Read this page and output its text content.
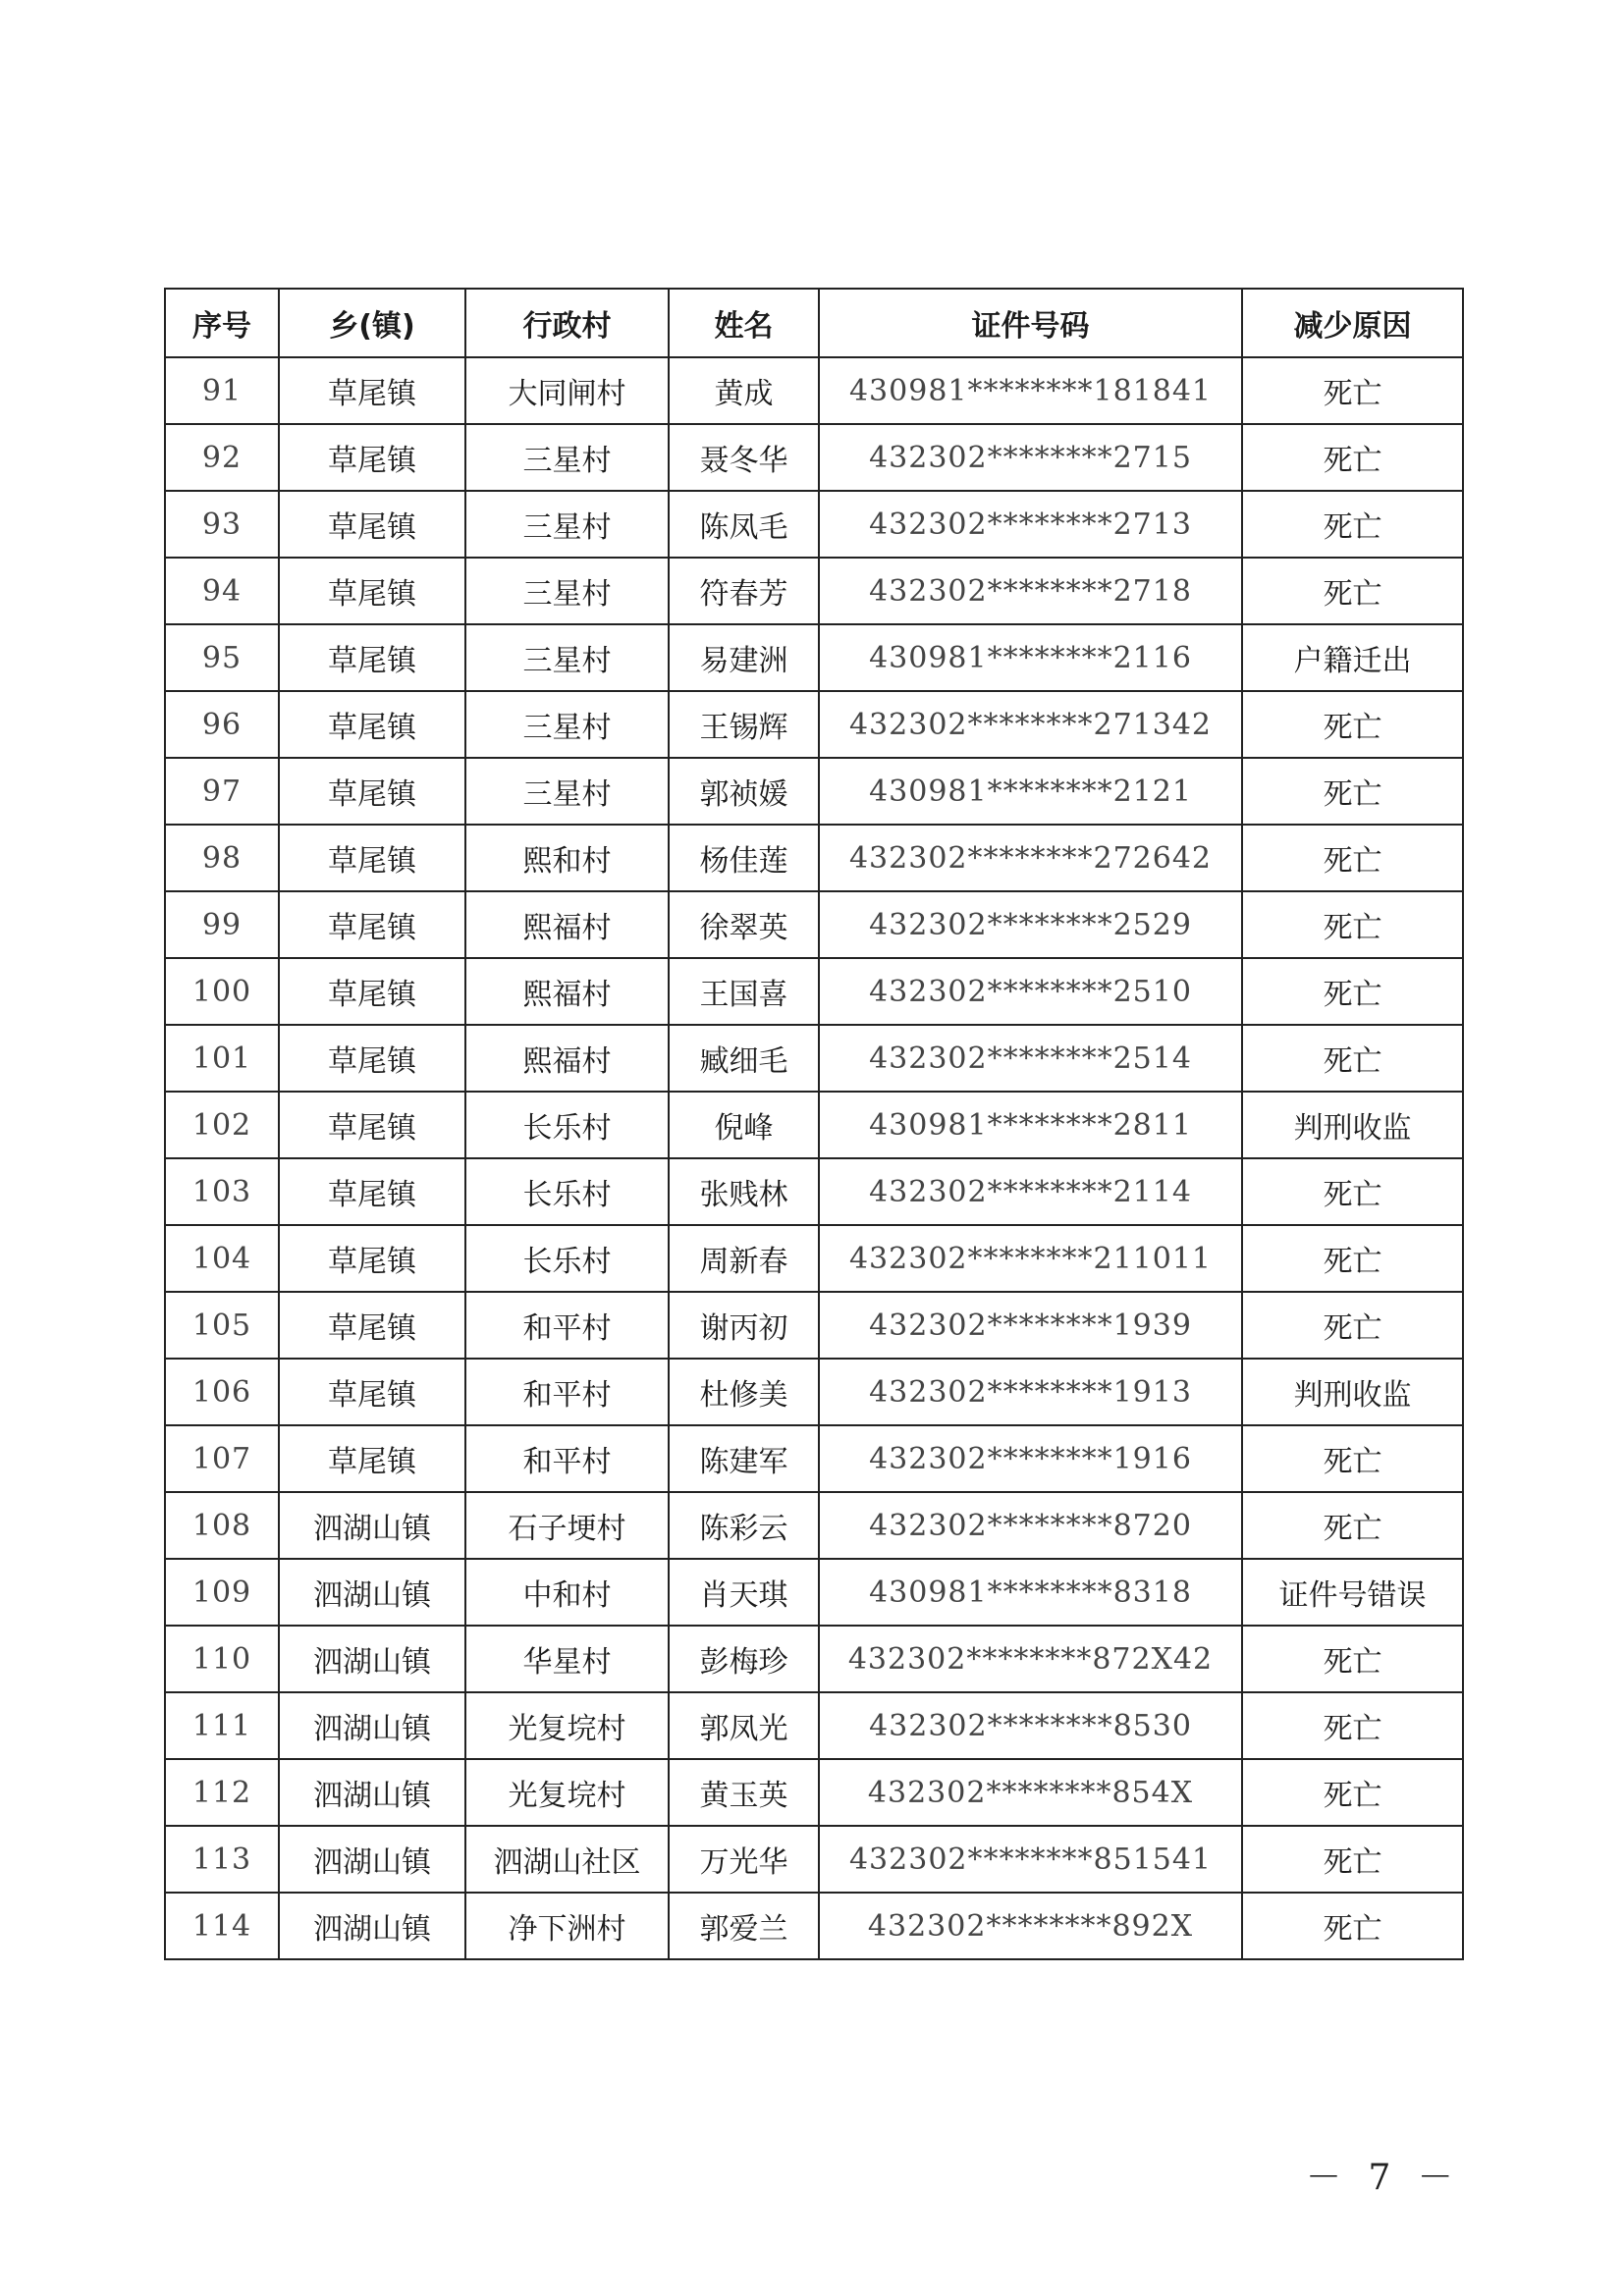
序号	乡(镇)	行政村	姓名	证件号码	减少原因
91	草尾镇	大同闸村	黄成	430981********181841	死亡
92	草尾镇	三星村	聂冬华	432302********2715	死亡
93	草尾镇	三星村	陈凤毛	432302********2713	死亡
94	草尾镇	三星村	符春芳	432302********2718	死亡
95	草尾镇	三星村	易建洲	430981********2116	户籍迁出
96	草尾镇	三星村	王锡辉	432302********271342	死亡
97	草尾镇	三星村	郭祯媛	430981********2121	死亡
98	草尾镇	熙和村	杨佳莲	432302********272642	死亡
99	草尾镇	熙福村	徐翠英	432302********2529	死亡
100	草尾镇	熙福村	王国喜	432302********2510	死亡
101	草尾镇	熙福村	臧细毛	432302********2514	死亡
102	草尾镇	长乐村	倪峰	430981********2811	判刑收监
103	草尾镇	长乐村	张贱林	432302********2114	死亡
104	草尾镇	长乐村	周新春	432302********211011	死亡
105	草尾镇	和平村	谢丙初	432302********1939	死亡
106	草尾镇	和平村	杜修美	432302********1913	判刑收监
107	草尾镇	和平村	陈建军	432302********1916	死亡
108	泗湖山镇	石子埂村	陈彩云	432302********8720	死亡
109	泗湖山镇	中和村	肖天琪	430981********8318	证件号错误
110	泗湖山镇	华星村	彭梅珍	432302********872X42	死亡
111	泗湖山镇	光复垸村	郭凤光	432302********8530	死亡
112	泗湖山镇	光复垸村	黄玉英	432302********854X	死亡
113	泗湖山镇	泗湖山社区	万光华	432302********851541	死亡
114	泗湖山镇	净下洲村	郭爱兰	432302********892X	死亡
－ 7 －
